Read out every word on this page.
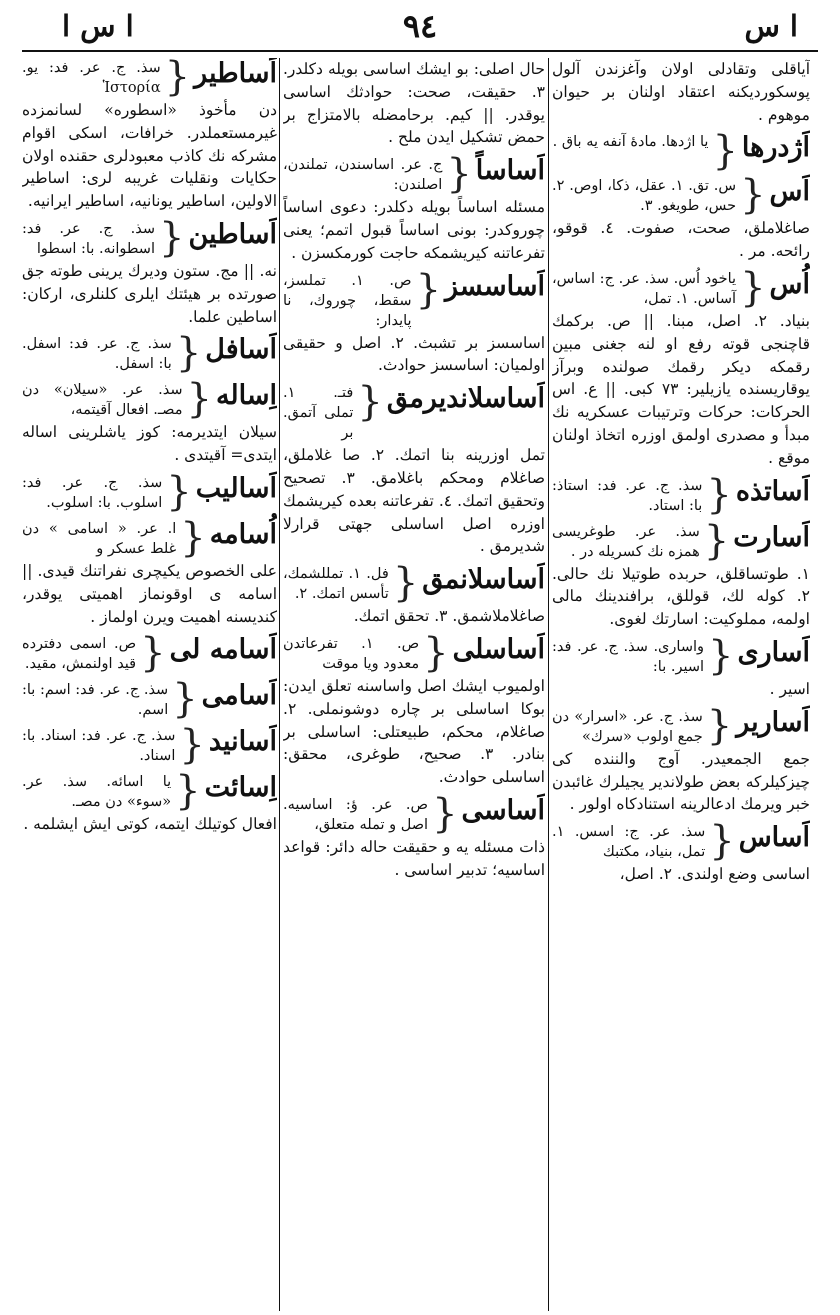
ا س
٩٤
ا س ا
آیاقلی وتقادلی اولان وآغزندن آلول پوسکوردیکنه اعتقاد اولنان بر حیوان موهوم .
اَژدرها
{
یا اژدها. مادهٔ آنفه یه باق .
اَس
{
س. تق. ١. عقل، ذکا، اوص. ٢. حس، طویغو. ٣.
صاغلاملق، صحت، صفوت. ٤. قوقو، رائحه. مر .
اُس
{
یاخود اُس. سذ. عر. ج: اساس، آساس. ١. تمل،
بنیاد. ٢. اصل، مبنا. || ص. برکمك قاچنجی قوته رفع او لنه جغنی مبین رقمکه دیکر رقمك صولنده وبرآز یوقاریسنده یازیلیر: ٧٣ کبی. || ع. اس الحرکات: حرکات وترتیبات عسکریه نك مبدأ و مصدری اولمق اوزره اتخاذ اولنان موقع .
اَساتذه
{
سذ. ج. عر. فد: استاذ: با: استاد.
اَسارت
{
سذ. عر. طوغریسی همزه نك کسریله در .
١. طوتساقلق، حربده طوتیلا نك حالی. ٢. کوله لك، قوللق، برافندینك مالی اولمه، مملوکیت: اسارتك لغوی.
اَساری
{
واساری. سذ. ج. عر. فد: اسیر. با:
اسیر .
اَساریر
{
سذ. ج. عر. «اسرار» دن جمع اولوب «سرك»
جمع الجمعیدر. آوج والننده کی چیزکیلرکه بعض طولاندیر یجیلرك غائبدن خبر ویرمك ادعالرینه استنادکاه اولور .
اَساس
{
سذ. عر. ج: اسس. ١. تمل، بنیاد، مکتبك
اساسی وضع اولندی. ٢. اصل،
حال اصلی: بو ایشك اساسی بویله دکلدر. ٣. حقیقت، صحت: حوادثك اساسی یوقدر. || کیم. برحامضله بالامتزاج بر حمض تشکیل ایدن ملح .
اَساساً
{
ج. عر. اساسندن، تملندن، اصلندن:
مسئله اساساً بویله دکلدر: دعوی اساساً چوروکدر: بونی اساساً قبول اتمم؛ یعنی تفرعاتنه کیریشمکه حاجت کورمکسزن .
اَساسسز
{
ص. ١. تملسز، سقط، چوروك، نا پایدار:
اساسسز بر تشبث. ٢. اصل و حقیقی اولمیان: اساسسز حوادث.
اَساسلاندیرمق
{
فتـ. ١. تملی آتمق. بر
تمل اوزرینه بنا اتمك. ٢. صا غلاملق، صاغلام ومحکم باغلامق. ٣. تصحیح وتحقیق اتمك. ٤. تفرعاتنه بعده کیریشمك اوزره اصل اساسلی جهتی قرارلا شدیرمق .
اَساسلانمق
{
فل. ١. تمللشمك، تأسس اتمك. ٢.
صاغلاملاشمق. ٣. تحقق اتمك.
اَساسلی
{
ص. ١. تفرعاتدن معدود ویا موقت
اولمیوب ایشك اصل واساسنه تعلق ایدن: بوکا اساسلی بر چاره دوشونملی. ٢. صاغلام، محکم، طبیعتلی: اساسلی بر بنادر. ٣. صحیح، طوغری، محقق: اساسلی حوادث.
اَساسی
{
ص. عر. ؤ: اساسیه. اصل و تمله متعلق،
ذات مسئله یه و حقیقت حاله دائر: قواعد اساسیه؛ تدبیر اساسی .
اَساطیر
{
سذ. ج. عر. فد: یو. Ἱστορία
دن مأخوذ «اسطوره» لسانمزده غیرمستعملدر. خرافات، اسکی اقوام مشرکه نك کاذب معبودلری حقنده اولان حکایات ونقلیات غریبه لری: اساطیر الاولین، اساطیر یونانیه، اساطیر ایرانیه.
اَساطین
{
سذ. ج. عر. فد: اسطوانه. با: اسطوا
نه. || مج. ستون ودیرك یرینی طوته جق صورتده بر هیئتك ایلری کلنلری، ارکان: اساطین علما.
اَسافل
{
سذ. ج. عر. فد: اسفل. با: اسفل.
اِساله
{
سذ. عر. «سیلان» دن مصـ. افعال آقیتمه،
سیلان ایتدیرمه: کوز یاشلرینی اساله ایتدی= آقیتدی .
اَسالیب
{
سذ. ج. عر. فد: اسلوب. با: اسلوب.
اُسامه
{
ا. عر. « اسامی » دن غلط عسکر و
علی الخصوص یکیچری نفراتنك قیدی. || اسامه ی اوقونماز اهمیتی یوقدر، کندیسنه اهمیت ویرن اولماز .
اَسامه لی
{
ص. اسمی دفترده قید اولنمش، مقید.
اَسامی
{
سذ. ج. عر. فد: اسم: با: اسم.
اَسانید
{
سذ. ج. عر. فد: اسناد. با: اسناد.
اِسائت
{
یا اسائه. سذ. عر. «سوء» دن مصـ.
افعال کوتیلك ایتمه، کوتی ایش ایشلمه .
